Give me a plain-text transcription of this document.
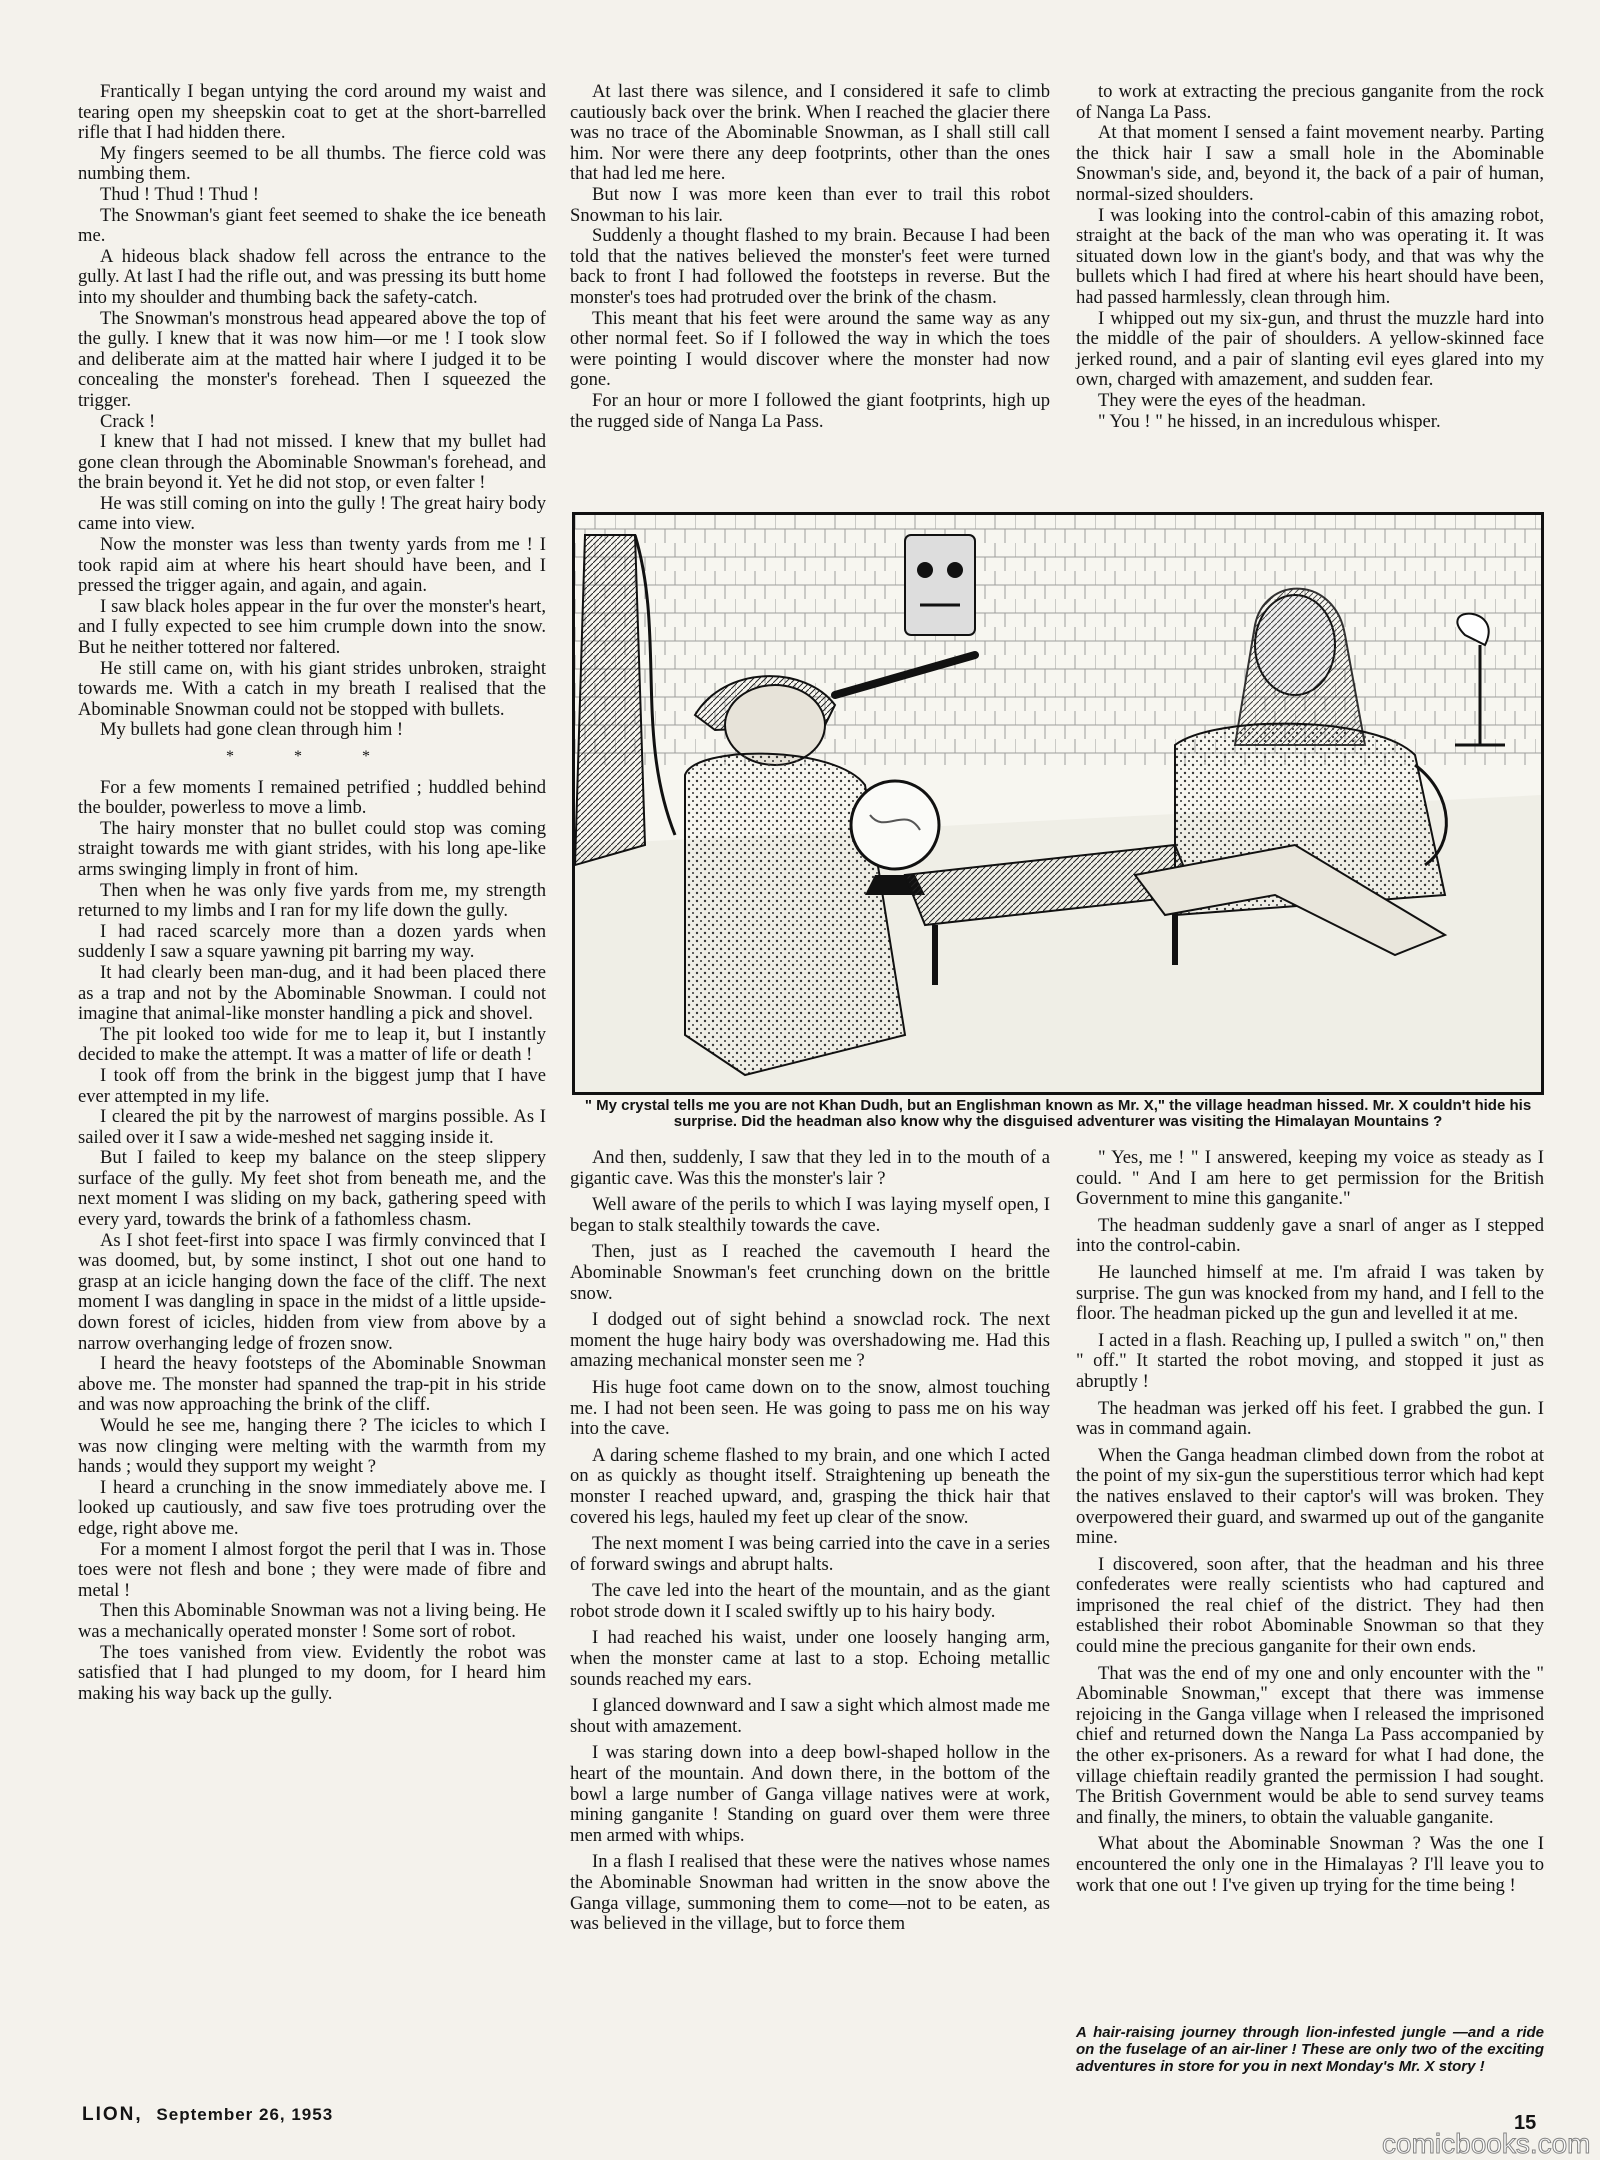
Frantically I began untying the cord around my waist and tearing open my sheepskin coat to get at the short-barrelled rifle that I had hidden there.

My fingers seemed to be all thumbs. The fierce cold was numbing them.

Thud ! Thud ! Thud !

The Snowman's giant feet seemed to shake the ice beneath me.

A hideous black shadow fell across the entrance to the gully. At last I had the rifle out, and was pressing its butt home into my shoulder and thumbing back the safety-catch.

The Snowman's monstrous head appeared above the top of the gully. I knew that it was now him—or me ! I took slow and deliberate aim at the matted hair where I judged it to be concealing the monster's forehead. Then I squeezed the trigger.

Crack !

I knew that I had not missed. I knew that my bullet had gone clean through the Abominable Snowman's forehead, and the brain beyond it. Yet he did not stop, or even falter !

He was still coming on into the gully ! The great hairy body came into view.

Now the monster was less than twenty yards from me ! I took rapid aim at where his heart should have been, and I pressed the trigger again, and again, and again.

I saw black holes appear in the fur over the monster's heart, and I fully expected to see him crumple down into the snow. But he neither tottered nor faltered.

He still came on, with his giant strides unbroken, straight towards me. With a catch in my breath I realised that the Abominable Snowman could not be stopped with bullets.

My bullets had gone clean through him !

* * *

For a few moments I remained petrified ; huddled behind the boulder, powerless to move a limb.

The hairy monster that no bullet could stop was coming straight towards me with giant strides, with his long ape-like arms swinging limply in front of him.

Then when he was only five yards from me, my strength returned to my limbs and I ran for my life down the gully.

I had raced scarcely more than a dozen yards when suddenly I saw a square yawning pit barring my way.

It had clearly been man-dug, and it had been placed there as a trap and not by the Abominable Snowman. I could not imagine that animal-like monster handling a pick and shovel.

The pit looked too wide for me to leap it, but I instantly decided to make the attempt. It was a matter of life or death !

I took off from the brink in the biggest jump that I have ever attempted in my life.

I cleared the pit by the narrowest of margins possible. As I sailed over it I saw a wide-meshed net sagging inside it.

But I failed to keep my balance on the steep slippery surface of the gully. My feet shot from beneath me, and the next moment I was sliding on my back, gathering speed with every yard, towards the brink of a fathomless chasm.

As I shot feet-first into space I was firmly convinced that I was doomed, but, by some instinct, I shot out one hand to grasp at an icicle hanging down the face of the cliff. The next moment I was dangling in space in the midst of a little upside-down forest of icicles, hidden from view from above by a narrow overhanging ledge of frozen snow.

I heard the heavy footsteps of the Abominable Snowman above me. The monster had spanned the trap-pit in his stride and was now approaching the brink of the cliff.

Would he see me, hanging there ? The icicles to which I was now clinging were melting with the warmth from my hands ; would they support my weight ?

I heard a crunching in the snow immediately above me. I looked up cautiously, and saw five toes protruding over the edge, right above me.

For a moment I almost forgot the peril that I was in. Those toes were not flesh and bone ; they were made of fibre and metal !

Then this Abominable Snowman was not a living being. He was a mechanically operated monster ! Some sort of robot.

The toes vanished from view. Evidently the robot was satisfied that I had plunged to my doom, for I heard him making his way back up the gully.

At last there was silence, and I considered it safe to climb cautiously back over the brink. When I reached the glacier there was no trace of the Abominable Snowman, as I shall still call him. Nor were there any deep footprints, other than the ones that had led me here.

But now I was more keen than ever to trail this robot Snowman to his lair.

Suddenly a thought flashed to my brain. Because I had been told that the natives believed the monster's feet were turned back to front I had followed the footsteps in reverse. But the monster's toes had protruded over the brink of the chasm.

This meant that his feet were around the same way as any other normal feet. So if I followed the way in which the toes were pointing I would discover where the monster had now gone.

For an hour or more I followed the giant footprints, high up the rugged side of Nanga La Pass.

to work at extracting the precious ganganite from the rock of Nanga La Pass.

At that moment I sensed a faint movement nearby. Parting the thick hair I saw a small hole in the Abominable Snowman's side, and, beyond it, the back of a pair of human, normal-sized shoulders.

I was looking into the control-cabin of this amazing robot, straight at the back of the man who was operating it. It was situated down low in the giant's body, and that was why the bullets which I had fired at where his heart should have been, had passed harmlessly, clean through him.

I whipped out my six-gun, and thrust the muzzle hard into the middle of the pair of shoulders. A yellow-skinned face jerked round, and a pair of slanting evil eyes glared into my own, charged with amazement, and sudden fear.

They were the eyes of the headman.

" You ! " he hissed, in an incredulous whisper.

" My crystal tells me you are not Khan Dudh, but an Englishman known as Mr. X," the village headman hissed. Mr. X couldn't hide his surprise. Did the headman also know why the disguised adventurer was visiting the Himalayan Mountains ?

And then, suddenly, I saw that they led in to the mouth of a gigantic cave. Was this the monster's lair ?

Well aware of the perils to which I was laying myself open, I began to stalk stealthily towards the cave.

Then, just as I reached the cavemouth I heard the Abominable Snowman's feet crunching down on the brittle snow.

I dodged out of sight behind a snowclad rock. The next moment the huge hairy body was overshadowing me. Had this amazing mechanical monster seen me ?

His huge foot came down on to the snow, almost touching me. I had not been seen. He was going to pass me on his way into the cave.

A daring scheme flashed to my brain, and one which I acted on as quickly as thought itself. Straightening up beneath the monster I reached upward, and, grasping the thick hair that covered his legs, hauled my feet up clear of the snow.

The next moment I was being carried into the cave in a series of forward swings and abrupt halts.

The cave led into the heart of the mountain, and as the giant robot strode down it I scaled swiftly up to his hairy body.

I had reached his waist, under one loosely hanging arm, when the monster came at last to a stop. Echoing metallic sounds reached my ears.

I glanced downward and I saw a sight which almost made me shout with amazement.

I was staring down into a deep bowl-shaped hollow in the heart of the mountain. And down there, in the bottom of the bowl a large number of Ganga village natives were at work, mining ganganite ! Standing on guard over them were three men armed with whips.

In a flash I realised that these were the natives whose names the Abominable Snowman had written in the snow above the Ganga village, summoning them to come—not to be eaten, as was believed in the village, but to force them

" Yes, me ! " I answered, keeping my voice as steady as I could. " And I am here to get permission for the British Government to mine this ganganite."

The headman suddenly gave a snarl of anger as I stepped into the control-cabin.

He launched himself at me. I'm afraid I was taken by surprise. The gun was knocked from my hand, and I fell to the floor. The headman picked up the gun and levelled it at me.

I acted in a flash. Reaching up, I pulled a switch " on," then " off." It started the robot moving, and stopped it just as abruptly !

The headman was jerked off his feet. I grabbed the gun. I was in command again.

When the Ganga headman climbed down from the robot at the point of my six-gun the superstitious terror which had kept the natives enslaved to their captor's will was broken. They overpowered their guard, and swarmed up out of the ganganite mine.

I discovered, soon after, that the headman and his three confederates were really scientists who had captured and imprisoned the real chief of the district. They had then established their robot Abominable Snowman so that they could mine the precious ganganite for their own ends.

That was the end of my one and only encounter with the " Abominable Snowman," except that there was immense rejoicing in the Ganga village when I released the imprisoned chief and returned down the Nanga La Pass accompanied by the other ex-prisoners. As a reward for what I had done, the village chieftain readily granted the permission I had sought. The British Government would be able to send survey teams and finally, the miners, to obtain the valuable ganganite.

What about the Abominable Snowman ? Was the one I encountered the only one in the Himalayas ? I'll leave you to work that one out ! I've given up trying for the time being !

A hair-raising journey through lion-infested jungle —and a ride on the fuselage of an air-liner ! These are only two of the exciting adventures in store for you in next Monday's Mr. X story !
LION, September 26, 1953
comicbooks.com
15
